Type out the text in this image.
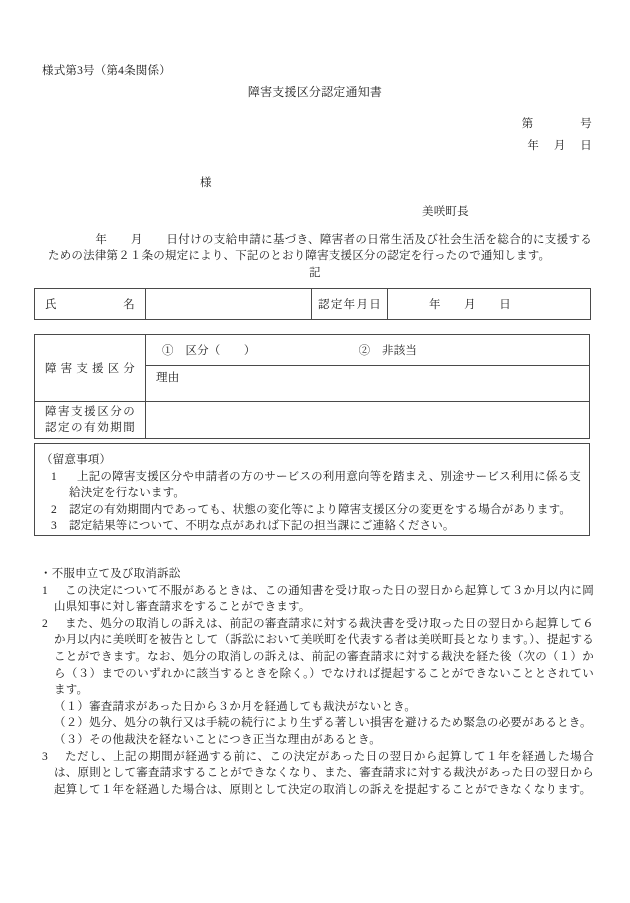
様式第3号（第4条関係）
障害支援区分認定通知書
第　　　　号
年　 月　 日
様
美咲町長

　　　　年　　月　　日付けの支給申請に基づき、障害者の日常生活及び社会生活を総合的に支援するための法律第２１条の規定により、下記のとおり障害支援区分の認定を行ったので通知します。

記
氏名		認定年月日	年　　月　　日
障害支援区分	①　区分（　　） ②　非該当
	理由
障害支援区分の認定の有効期間	
（留意事項）
1	上記の障害支援区分や申請者の方のサービスの利用意向等を踏まえ、別途サービス利用に係る支給決定を行ないます。
2	認定の有効期間内であっても、状態の変化等により障害支援区分の変更をする場合があります。
3	認定結果等について、不明な点があれば下記の担当課にご連絡ください。
・不服申立て及び取消訴訟
1	この決定について不服があるときは、この通知書を受け取った日の翌日から起算して３か月以内に岡山県知事に対し審査請求をすることができます。

2	また、処分の取消しの訴えは、前記の審査請求に対する裁決書を受け取った日の翌日から起算して６か月以内に美咲町を被告として（訴訟において美咲町を代表する者は美咲町長となります。）、提起することができます。なお、処分の取消しの訴えは、前記の審査請求に対する裁決を経た後（次の（１）から（３）までのいずれかに該当するときを除く。）でなければ提起することができないこととされています。

（１）審査請求があった日から３か月を経過しても裁決がないとき。

（２）処分、処分の執行又は手続の続行により生ずる著しい損害を避けるため緊急の必要があるとき。

（３）その他裁決を経ないことにつき正当な理由があるとき。

3	ただし、上記の期間が経過する前に、この決定があった日の翌日から起算して１年を経過した場合は、原則として審査請求することができなくなり、また、審査請求に対する裁決があった日の翌日から起算して１年を経過した場合は、原則として決定の取消しの訴えを提起することができなくなります。
